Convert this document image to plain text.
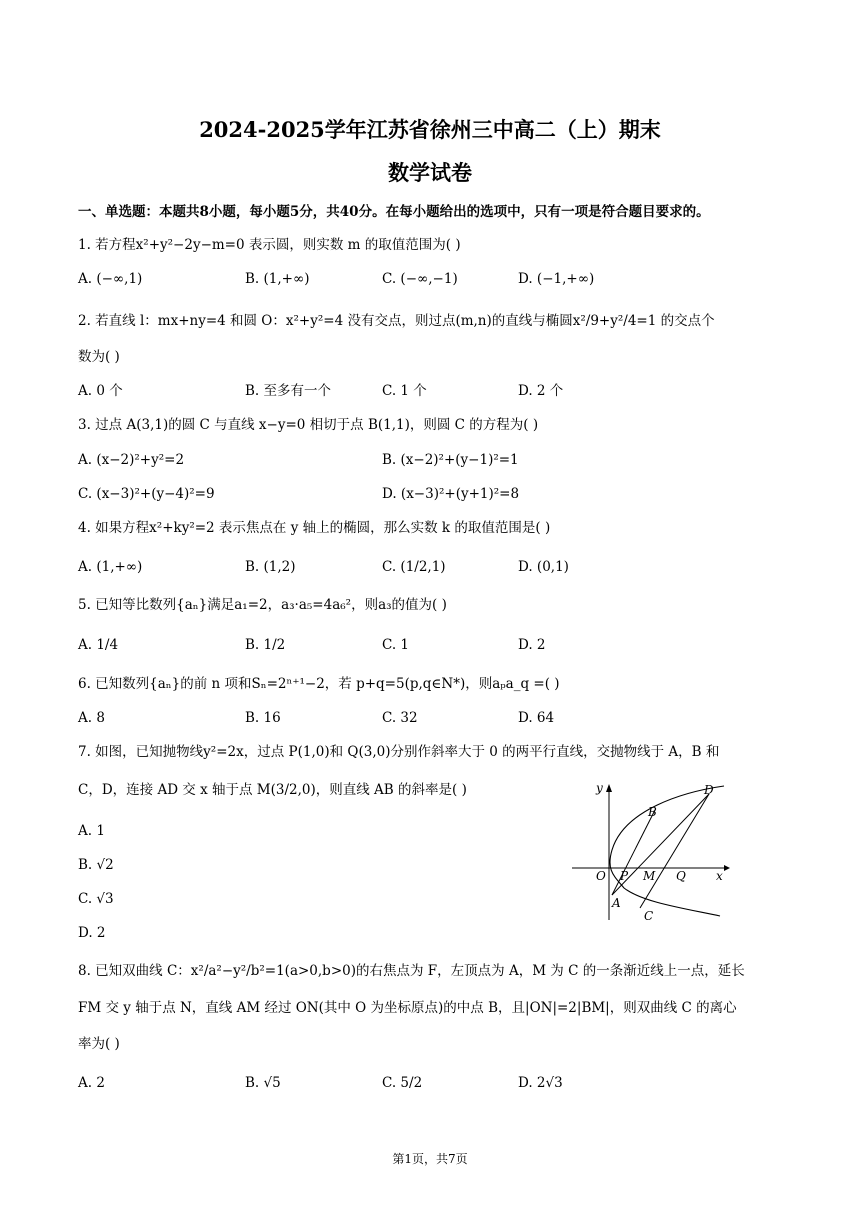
2024-2025学年江苏省徐州三中高二（上）期末
数学试卷
一、单选题：本题共8小题，每小题5分，共40分。在每小题给出的选项中，只有一项是符合题目要求的。
1. 若方程x²+y²−2y−m=0 表示圆，则实数 m 的取值范围为( )
A. (−∞,1)	B. (1,+∞)	C. (−∞,−1)	D. (−1,+∞)
2. 若直线 l：mx+ny=4 和圆 O：x²+y²=4 没有交点，则过点(m,n)的直线与椭圆x²/9+y²/4=1 的交点个
数为( )
A. 0 个	B. 至多有一个	C. 1 个	D. 2 个
3. 过点 A(3,1)的圆 C 与直线 x−y=0 相切于点 B(1,1)，则圆 C 的方程为( )
A. (x−2)²+y²=2	B. (x−2)²+(y−1)²=1
C. (x−3)²+(y−4)²=9	D. (x−3)²+(y+1)²=8
4. 如果方程x²+ky²=2 表示焦点在 y 轴上的椭圆，那么实数 k 的取值范围是( )
A. (1,+∞)	B. (1,2)	C. (1/2,1)	D. (0,1)
5. 已知等比数列{aₙ}满足a₁=2，a₃·a₅=4a₆²，则a₃的值为( )
A. 1/4	B. 1/2	C. 1	D. 2
6. 已知数列{aₙ}的前 n 项和Sₙ=2ⁿ⁺¹−2，若 p+q=5(p,q∈N*)，则aₚa_q =( )
A. 8	B. 16	C. 32	D. 64
7. 如图，已知抛物线y²=2x，过点 P(1,0)和 Q(3,0)分别作斜率大于 0 的两平行直线，交抛物线于 A，B 和
C，D，连接 AD 交 x 轴于点 M(3/2,0)，则直线 AB 的斜率是( )
A. 1
B. √2
C. √3
D. 2
y
x
O P M Q
A
B
C
D
8. 已知双曲线 C：x²/a²−y²/b²=1(a>0,b>0)的右焦点为 F，左顶点为 A，M 为 C 的一条渐近线上一点，延长
FM 交 y 轴于点 N，直线 AM 经过 ON(其中 O 为坐标原点)的中点 B，且|ON|=2|BM|，则双曲线 C 的离心
率为( )
A. 2	B. √5	C. 5/2	D. 2√3
第1页，共7页
